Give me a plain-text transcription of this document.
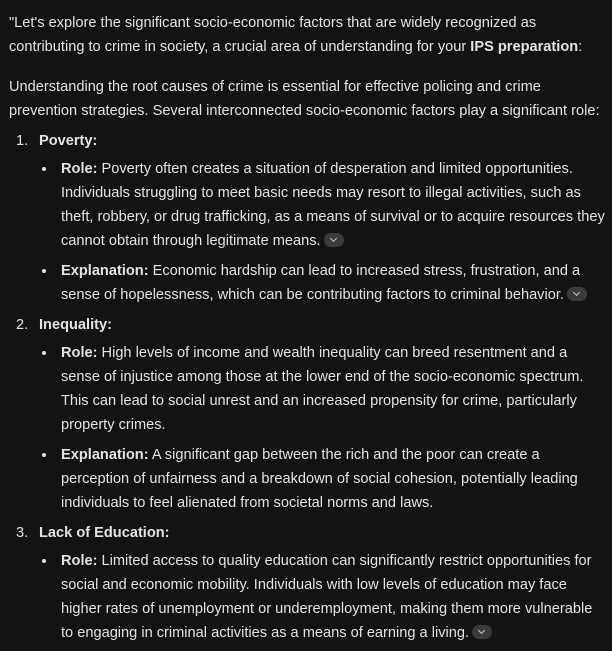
"Let's explore the significant socio-economic factors that are widely recognized as contributing to crime in society, a crucial area of understanding for your IPS preparation:

Understanding the root causes of crime is essential for effective policing and crime prevention strategies. Several interconnected socio-economic factors play a significant role:

1. Poverty:
Role: Poverty often creates a situation of desperation and limited opportunities. Individuals struggling to meet basic needs may resort to illegal activities, such as theft, robbery, or drug trafficking, as a means of survival or to acquire resources they cannot obtain through legitimate means.
Explanation: Economic hardship can lead to increased stress, frustration, and a sense of hopelessness, which can be contributing factors to criminal behavior.
2. Inequality:
Role: High levels of income and wealth inequality can breed resentment and a sense of injustice among those at the lower end of the socio-economic spectrum. This can lead to social unrest and an increased propensity for crime, particularly property crimes.
Explanation: A significant gap between the rich and the poor can create a perception of unfairness and a breakdown of social cohesion, potentially leading individuals to feel alienated from societal norms and laws.
3. Lack of Education:
Role: Limited access to quality education can significantly restrict opportunities for social and economic mobility. Individuals with low levels of education may face higher rates of unemployment or underemployment, making them more vulnerable to engaging in criminal activities as a means of earning a living.
